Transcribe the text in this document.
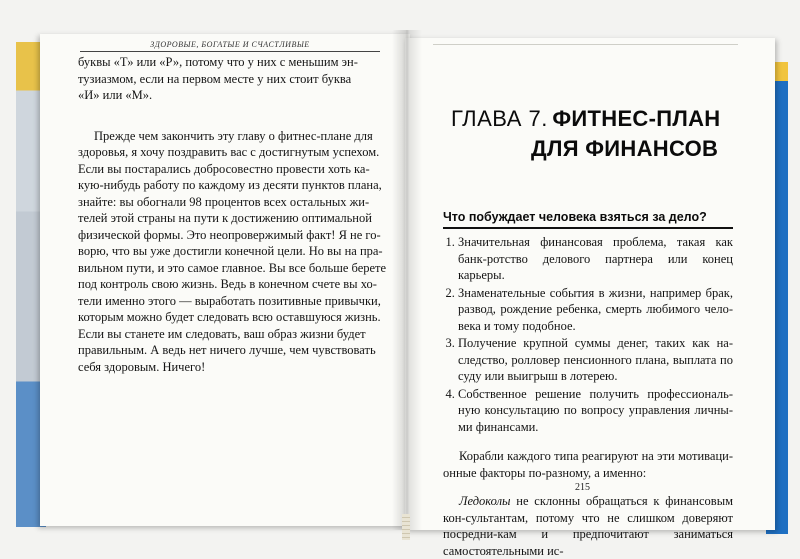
ЗДОРОВЫЕ, БОГАТЫЕ И СЧАСТЛИВЫЕ

буквы «Т» или «Р», потому что у них с меньшим эн-

тузиазмом, если на первом месте у них стоит буква

«И» или «М».

Прежде чем закончить эту главу о фитнес-плане для

здоровья, я хочу поздравить вас с достигнутым успехом.

Если вы постарались добросовестно провести хоть ка-

кую-нибудь работу по каждому из десяти пунктов плана,

знайте: вы обогнали 98 процентов всех остальных жи-

телей этой страны на пути к достижению оптимальной

физической формы. Это неопровержимый факт! Я не го-

ворю, что вы уже достигли конечной цели. Но вы на пра-

вильном пути, и это самое главное. Вы все больше берете

под контроль свою жизнь. Ведь в конечном счете вы хо-

тели именно этого — выработать позитивные привычки,

которым можно будет следовать всю оставшуюся жизнь.

Если вы станете им следовать, ваш образ жизни будет

правильным. А ведь нет ничего лучше, чем чувствовать

себя здоровым. Ничего!

ГЛАВА 7. ФИТНЕС-ПЛАН
ДЛЯ ФИНАНСОВ
Что побуждает человека взяться за дело?
1. Значительная финансовая проблема, такая как банк-ротство делового партнера или конец карьеры.
2. Знаменательные события в жизни, например брак, развод, рождение ребенка, смерть любимого чело-века и тому подобное.
3. Получение крупной суммы денег, таких как на-следство, ролловер пенсионного плана, выплата по суду или выигрыш в лотерею.
4. Собственное решение получить профессиональ-ную консультацию по вопросу управления личны-ми финансами.

Корабли каждого типа реагируют на эти мотиваци-онные факторы по-разному, а именно:

Ледоколы не склонны обращаться к финансовым кон-сультантам, потому что не слишком доверяют посредни-кам и предпочитают заниматься самостоятельными ис-

215
